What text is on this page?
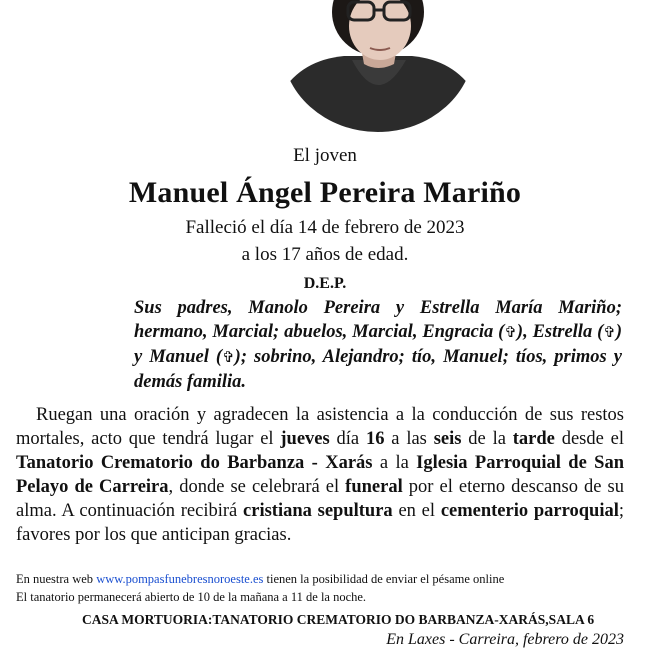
El joven
Manuel Ángel Pereira Mariño
Falleció el día 14 de febrero de 2023
a los 17 años de edad.
D.E.P.
Sus padres, Manolo Pereira y Estrella María Mariño; hermano, Marcial; abuelos, Marcial, Engracia (✞), Estrella (✞) y Manuel (✞); sobrino, Alejandro; tío, Manuel; tíos, primos y demás familia.
Ruegan una oración y agradecen la asistencia a la conducción de sus restos mortales, acto que tendrá lugar el jueves día 16 a las seis de la tarde desde el Tanatorio Crematorio do Barbanza - Xarás a la Iglesia Parroquial de San Pelayo de Carreira, donde se celebrará el funeral por el eterno descanso de su alma. A continuación recibirá cristiana sepultura en el cementerio parroquial; favores por los que anticipan gracias.
En nuestra web www.pompasfunebresnoroeste.es tienen la posibilidad de enviar el pésame online
El tanatorio permanecerá abierto de 10 de la mañana a 11 de la noche.
CASA MORTUORIA:TANATORIO CREMATORIO DO BARBANZA-XARÁS,SALA 6
En Laxes - Carreira, febrero de 2023
